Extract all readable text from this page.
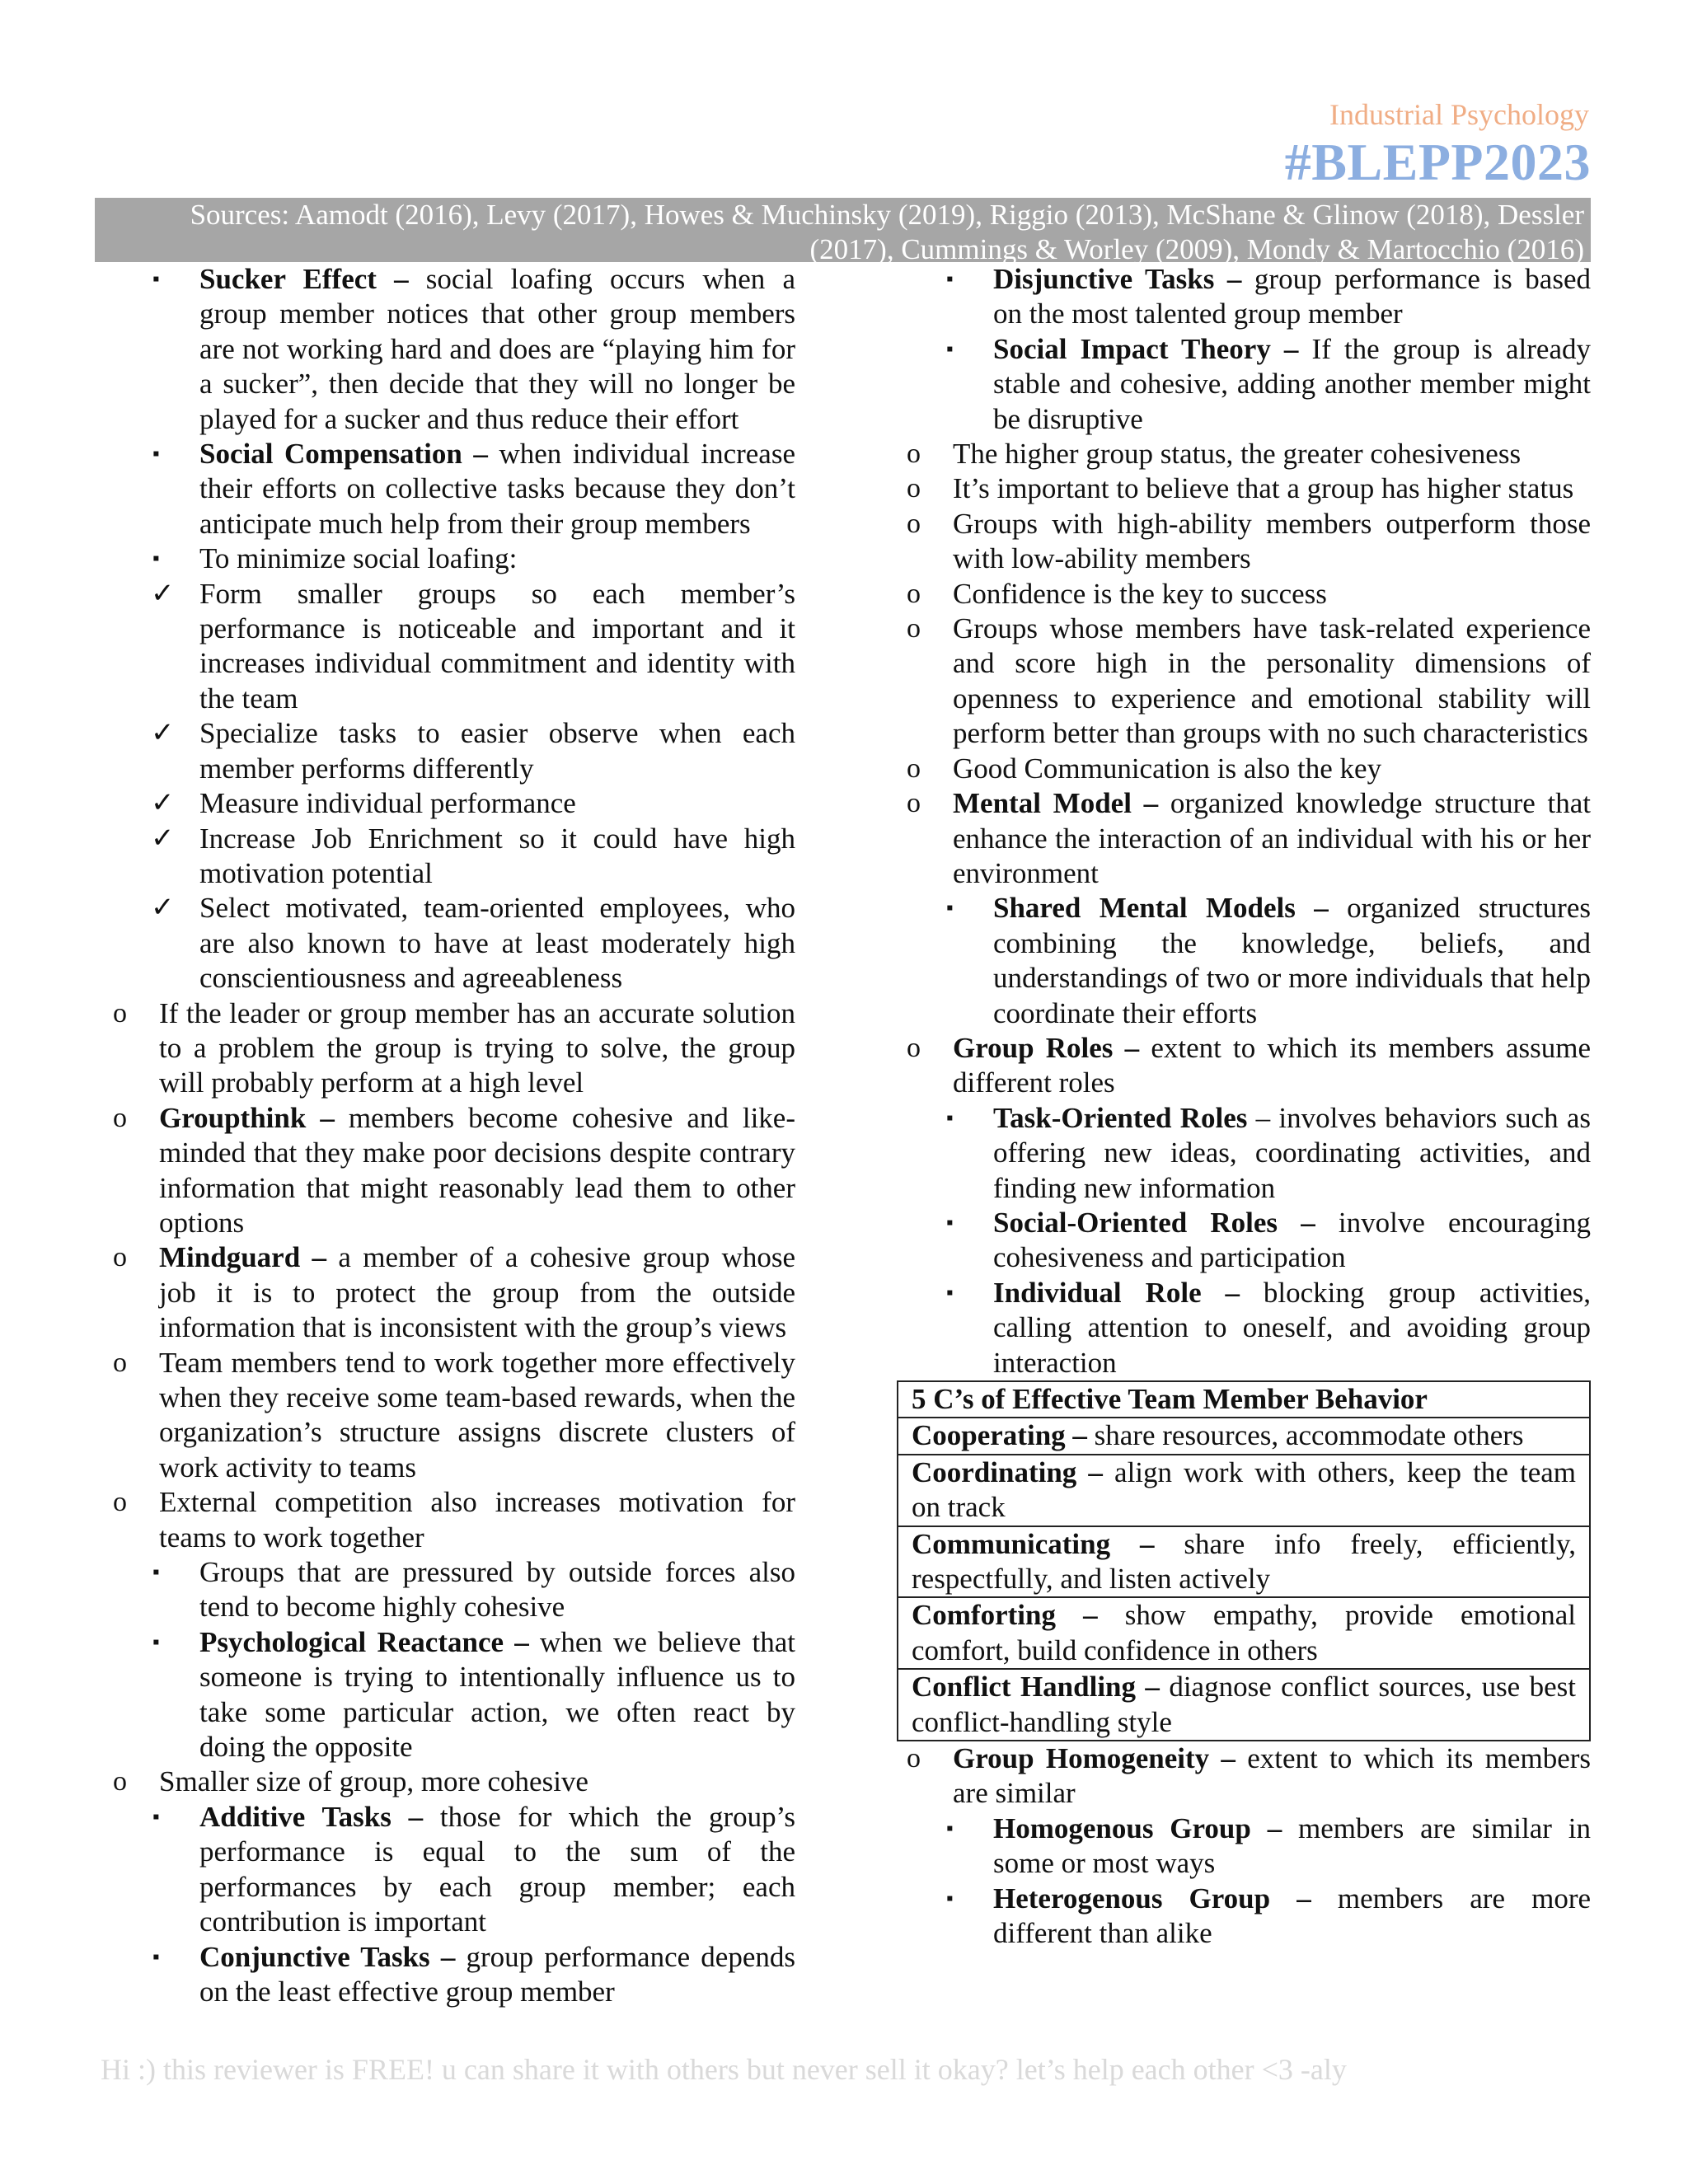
Industrial Psychology
#BLEPP2023
Sources: Aamodt (2016), Levy (2017), Howes & Muchinsky (2019), Riggio (2013), McShane & Glinow (2018), Dessler (2017), Cummings & Worley (2009), Mondy & Martocchio (2016)
▪ Sucker Effect – social loafing occurs when a group member notices that other group members are not working hard and does are “playing him for a sucker”, then decide that they will no longer be played for a sucker and thus reduce their effort
▪ Social Compensation – when individual increase their efforts on collective tasks because they don’t anticipate much help from their group members
▪ To minimize social loafing:
✓ Form smaller groups so each member’s performance is noticeable and important and it increases individual commitment and identity with the team
✓ Specialize tasks to easier observe when each member performs differently
✓ Measure individual performance
✓ Increase Job Enrichment so it could have high motivation potential
✓ Select motivated, team-oriented employees, who are also known to have at least moderately high conscientiousness and agreeableness
o If the leader or group member has an accurate solution to a problem the group is trying to solve, the group will probably perform at a high level
o Groupthink – members become cohesive and like-minded that they make poor decisions despite contrary information that might reasonably lead them to other options
o Mindguard – a member of a cohesive group whose job it is to protect the group from the outside information that is inconsistent with the group’s views
o Team members tend to work together more effectively when they receive some team-based rewards, when the organization’s structure assigns discrete clusters of work activity to teams
o External competition also increases motivation for teams to work together
▪ Groups that are pressured by outside forces also tend to become highly cohesive
▪ Psychological Reactance – when we believe that someone is trying to intentionally influence us to take some particular action, we often react by doing the opposite
o Smaller size of group, more cohesive
▪ Additive Tasks – those for which the group’s performance is equal to the sum of the performances by each group member; each contribution is important
▪ Conjunctive Tasks – group performance depends on the least effective group member
▪ Disjunctive Tasks – group performance is based on the most talented group member
▪ Social Impact Theory – If the group is already stable and cohesive, adding another member might be disruptive
o The higher group status, the greater cohesiveness
o It’s important to believe that a group has higher status
o Groups with high-ability members outperform those with low-ability members
o Confidence is the key to success
o Groups whose members have task-related experience and score high in the personality dimensions of openness to experience and emotional stability will perform better than groups with no such characteristics
o Good Communication is also the key
o Mental Model – organized knowledge structure that enhance the interaction of an individual with his or her environment
▪ Shared Mental Models – organized structures combining the knowledge, beliefs, and understandings of two or more individuals that help coordinate their efforts
o Group Roles – extent to which its members assume different roles
▪ Task-Oriented Roles – involves behaviors such as offering new ideas, coordinating activities, and finding new information
▪ Social-Oriented Roles – involve encouraging cohesiveness and participation
▪ Individual Role – blocking group activities, calling attention to oneself, and avoiding group interaction
5 C’s of Effective Team Member Behavior
Cooperating – share resources, accommodate others
Coordinating – align work with others, keep the team on track
Communicating – share info freely, efficiently, respectfully, and listen actively
Comforting – show empathy, provide emotional comfort, build confidence in others
Conflict Handling – diagnose conflict sources, use best conflict-handling style
o Group Homogeneity – extent to which its members are similar
▪ Homogenous Group – members are similar in some or most ways
▪ Heterogenous Group – members are more different than alike
Hi :) this reviewer is FREE! u can share it with others but never sell it okay? let’s help each other <3 -aly
